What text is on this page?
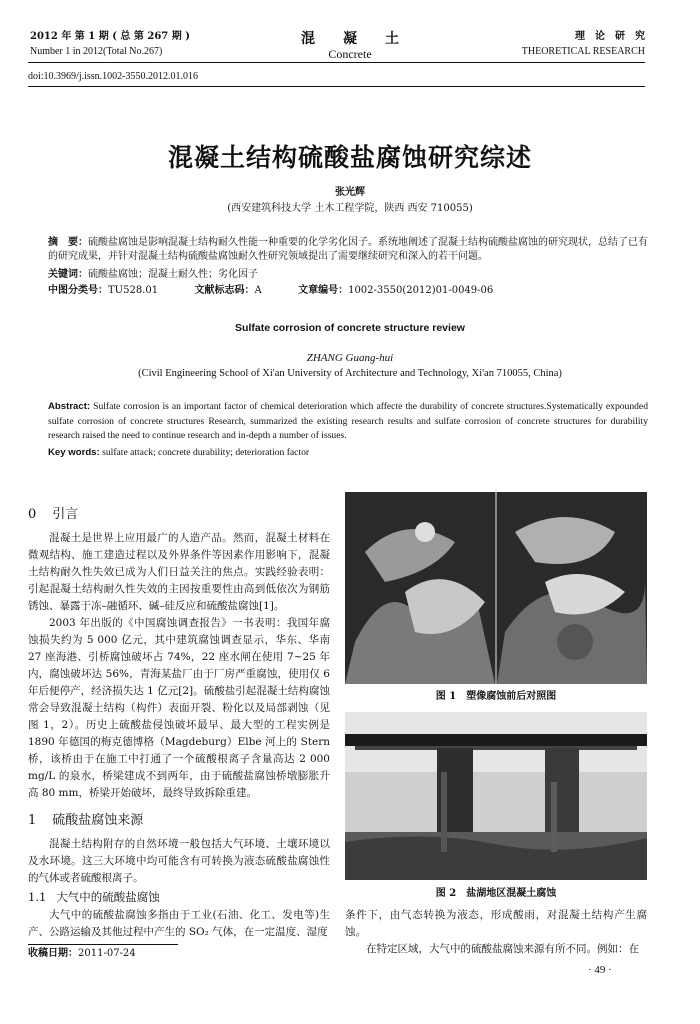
2012 年 第 1 期 ( 总 第 267 期 )
Number 1 in 2012(Total No.267)
混　　凝　　土
Concrete
理　论　研　究
THEORETICAL RESEARCH
doi:10.3969/j.issn.1002-3550.2012.01.016
混凝土结构硫酸盐腐蚀研究综述
张光辉
(西安建筑科技大学 土木工程学院，陕西 西安 710055)
摘　要：硫酸盐腐蚀是影响混凝土结构耐久性能一种重要的化学劣化因子。系统地阐述了混凝土结构硫酸盐腐蚀的研究现状，总结了已有的研究成果，并针对混凝土结构硫酸盐腐蚀耐久性研究领域提出了需要继续研究和深入的若干问题。
关键词：硫酸盐腐蚀；混凝土耐久性；劣化因子
中图分类号：TU528.01	文献标志码：A	文章编号：1002-3550(2012)01-0049-06
Sulfate corrosion of concrete structure review
ZHANG Guang-hui
(Civil Engineering School of Xi'an University of Architecture and Technology, Xi'an 710055, China)
Abstract: Sulfate corrosion is an important factor of chemical deterioration which affecte the durability of concrete structures.Systematically expounded sulfate corrosion of concrete structures Research, summarized the existing research results and sulfate corrosion of concrete structures for durability research raised the need to continue research and in-depth a number of issues.
Key words: sulfate attack; concrete durability; deterioration factor
0 引言

混凝土是世界上应用最广的人造产品。然而，混凝土材料在微观结构、施工建造过程以及外界条件等因素作用影响下，混凝土结构耐久性失效已成为人们日益关注的焦点。实践经验表明：引起混凝土结构耐久性失效的主因按重要性由高到低依次为钢筋锈蚀、暴露于冻–融循环、碱–硅反应和硫酸盐腐蚀[1]。

2003 年出版的《中国腐蚀调查报告》一书表明：我国年腐蚀损失约为 5 000 亿元，其中建筑腐蚀调查显示，华东、华南 27 座海港、引桥腐蚀破坏占 74%，22 座水闸在使用 7~25 年内，腐蚀破坏达 56%，青海某盐厂由于厂房严重腐蚀，使用仅 6 年后便停产，经济损失达 1 亿元[2]。硫酸盐引起混凝土结构腐蚀常会导致混凝土结构（构件）表面开裂、粉化以及局部剥蚀（见图 1，2）。历史上硫酸盐侵蚀破坏最早、最大型的工程实例是 1890 年德国的梅克德博格（Magdeburg）Elbe 河上的 Stern 桥，该桥由于在施工中打通了一个硫酸根离子含量高达 2 000 mg/L 的泉水，桥梁建成不到两年，由于硫酸盐腐蚀桥墩膨胀升高 80 mm，桥梁开始破坏，最终导致拆除重建。

1 硫酸盐腐蚀来源

混凝土结构附存的自然环境一般包括大气环境、土壤环境以及水环境。这三大环境中均可能含有可转换为液态硫酸盐腐蚀性的气体或者硫酸根离子。

1.1 大气中的硫酸盐腐蚀

大气中的硫酸盐腐蚀多指由于工业(石油、化工、发电等)生产、公路运输及其他过程中产生的 SO₂ 气体，在一定温度、湿度

收稿日期：2011-07-24
图 1　塑像腐蚀前后对照图
图 2　盐湖地区混凝土腐蚀

条件下，由气态转换为液态，形成酸雨，对混凝土结构产生腐蚀。

在特定区域，大气中的硫酸盐腐蚀来源有所不同。例如：在

· 49 ·
